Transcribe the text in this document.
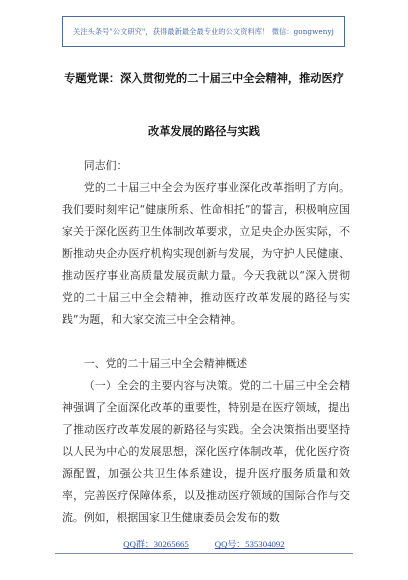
关注头条号"公文研究"，获得最新最全最专业的公文资料库！ 微信：gongwenyj
专题党课：深入贯彻党的二十届三中全会精神，推动医疗
改革发展的路径与实践

同志们：

党的二十届三中全会为医疗事业深化改革指明了方向。我们要时刻牢记“健康所系、性命相托”的誓言，积极响应国家关于深化医药卫生体制改革要求，立足央企办医实际，不断推动央企办医疗机构实现创新与发展，为守护人民健康、推动医疗事业高质量发展贡献力量。今天我就以“深入贯彻党的二十届三中全会精神，推动医疗改革发展的路径与实践”为题，和大家交流三中全会精神。

一、党的二十届三中全会精神概述

（一）全会的主要内容与决策。党的二十届三中全会精神强调了全面深化改革的重要性，特别是在医疗领域，提出了推动医疗改革发展的新路径与实践。全会决策指出要坚持以人民为中心的发展思想，深化医疗体制改革，优化医疗资源配置，加强公共卫生体系建设，提升医疗服务质量和效率，完善医疗保障体系，以及推动医疗领域的国际合作与交流。例如，根据国家卫生健康委员会发布的数

QQ群：30265665	QQ号：535304092
